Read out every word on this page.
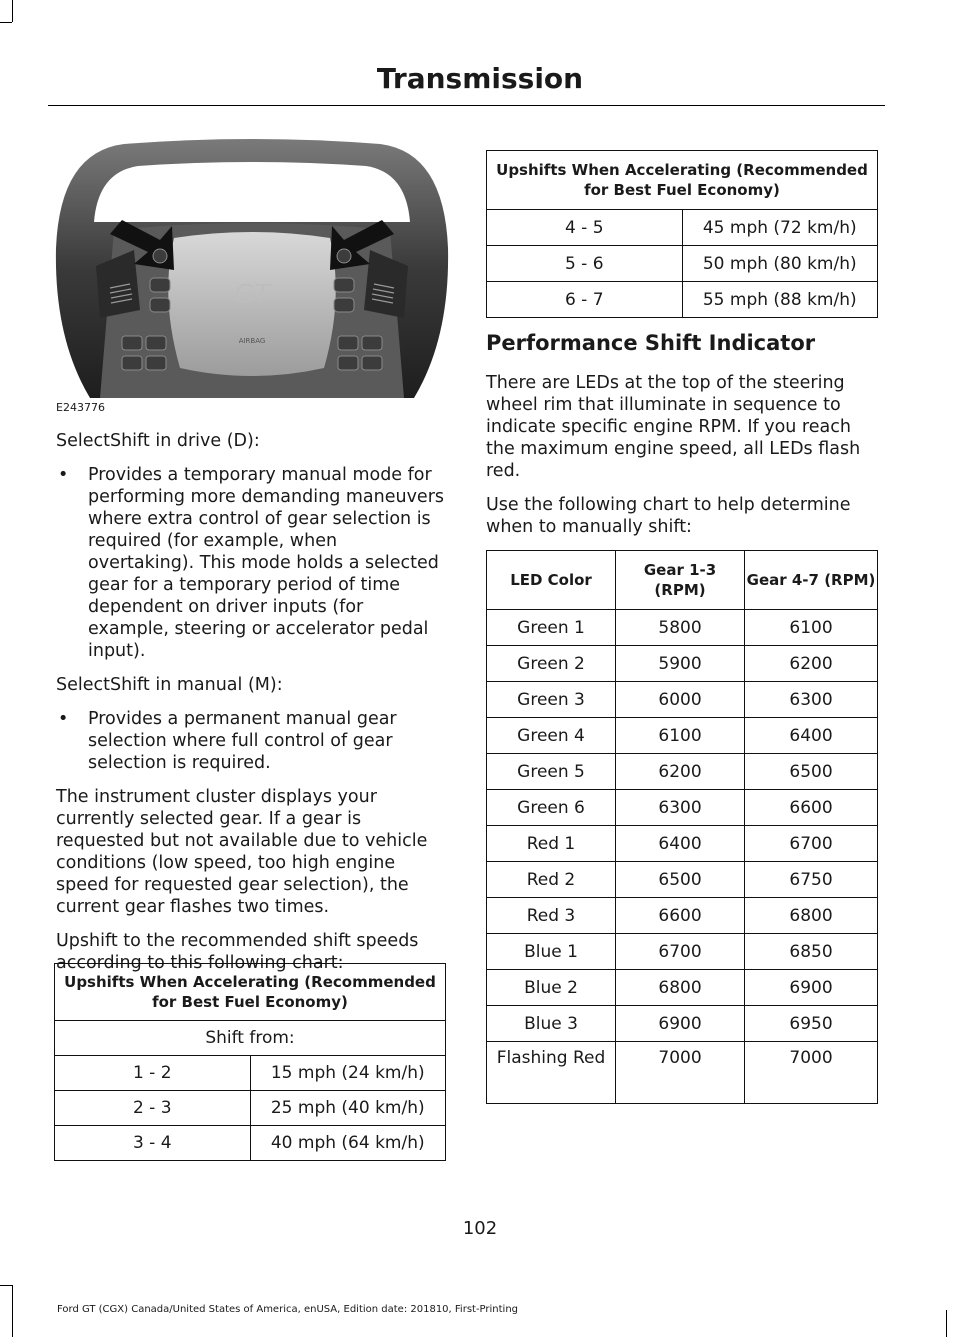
Transmission
AIRBAG
GT
E243776

SelectShift in drive (D):

• Provides a temporary manual mode for performing more demanding maneuvers where extra control of gear selection is required (for example, when overtaking). This mode holds a selected gear for a temporary period of time dependent on driver inputs (for example, steering or accelerator pedal input).

SelectShift in manual (M):

• Provides a permanent manual gear selection where full control of gear selection is required.

The instrument cluster displays your currently selected gear. If a gear is requested but not available due to vehicle conditions (low speed, too high engine speed for requested gear selection), the current gear flashes two times.

Upshift to the recommended shift speeds according to this following chart:

Upshifts When Accelerating (Recommended for Best Fuel Economy)	
Shift from:	
1 - 2	15 mph (24 km/h)
2 - 3	25 mph (40 km/h)
3 - 4	40 mph (64 km/h)
Upshifts When Accelerating (Recommended for Best Fuel Economy)	
4 - 5	45 mph (72 km/h)
5 - 6	50 mph (80 km/h)
6 - 7	55 mph (88 km/h)
Performance Shift Indicator

There are LEDs at the top of the steering wheel rim that illuminate in sequence to indicate specific engine RPM. If you reach the maximum engine speed, all LEDs flash red.

Use the following chart to help determine when to manually shift:

LED Color	Gear 1-3 (RPM)	Gear 4-7 (RPM)
Green 1	5800	6100
Green 2	5900	6200
Green 3	6000	6300
Green 4	6100	6400
Green 5	6200	6500
Green 6	6300	6600
Red 1	6400	6700
Red 2	6500	6750
Red 3	6600	6800
Blue 1	6700	6850
Blue 2	6800	6900
Blue 3	6900	6950
Flashing Red	7000	7000
102
Ford GT (CGX) Canada/United States of America, enUSA, Edition date: 201810, First-Printing
